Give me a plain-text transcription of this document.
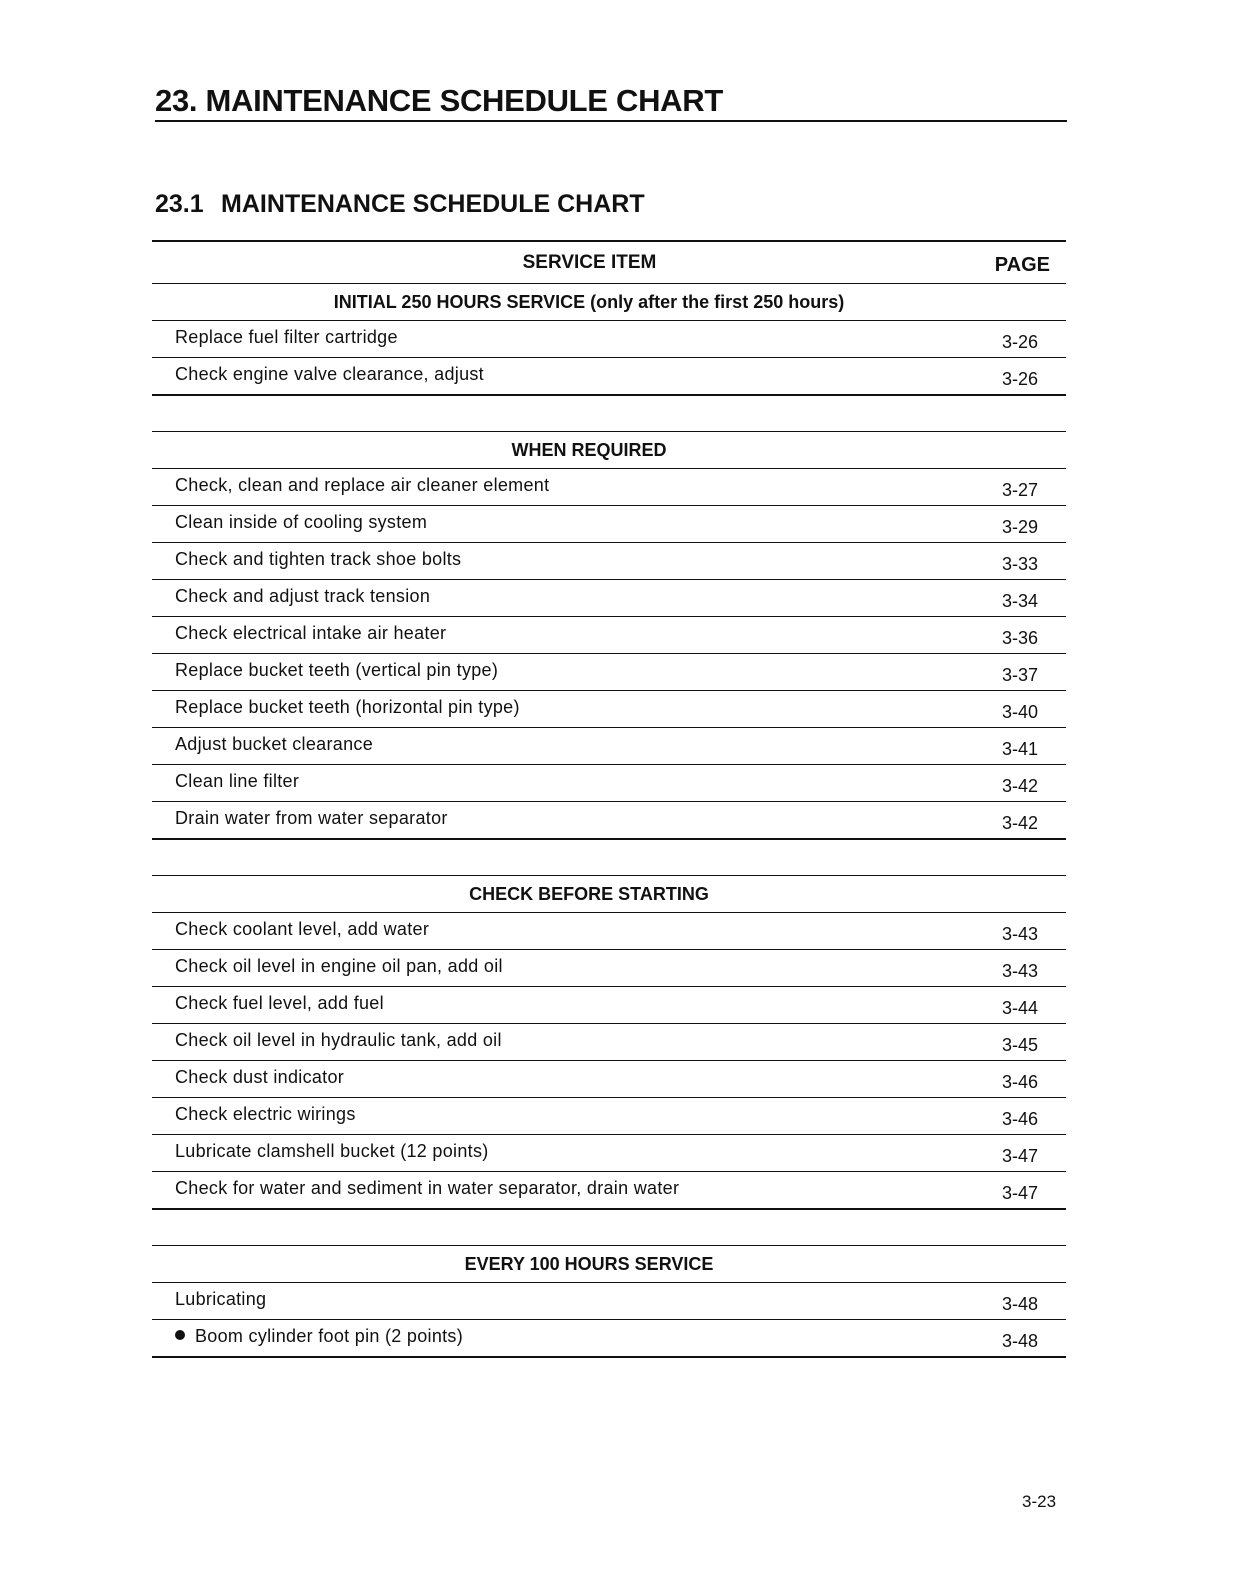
23. MAINTENANCE SCHEDULE CHART
23.1 MAINTENANCE SCHEDULE CHART
SERVICE ITEM	PAGE
INITIAL 250 HOURS SERVICE (only after the first 250 hours)
Replace fuel filter cartridge	3-26
Check engine valve clearance, adjust	3-26
WHEN REQUIRED
Check, clean and replace air cleaner element	3-27
Clean inside of cooling system	3-29
Check and tighten track shoe bolts	3-33
Check and adjust track tension	3-34
Check electrical intake air heater	3-36
Replace bucket teeth (vertical pin type)	3-37
Replace bucket teeth (horizontal pin type)	3-40
Adjust bucket clearance	3-41
Clean line filter	3-42
Drain water from water separator	3-42
CHECK BEFORE STARTING
Check coolant level, add water	3-43
Check oil level in engine oil pan, add oil	3-43
Check fuel level, add fuel	3-44
Check oil level in hydraulic tank, add oil	3-45
Check dust indicator	3-46
Check electric wirings	3-46
Lubricate clamshell bucket (12 points)	3-47
Check for water and sediment in water separator, drain water	3-47
EVERY 100 HOURS SERVICE
Lubricating	3-48
Boom cylinder foot pin (2 points)	3-48
3-23
